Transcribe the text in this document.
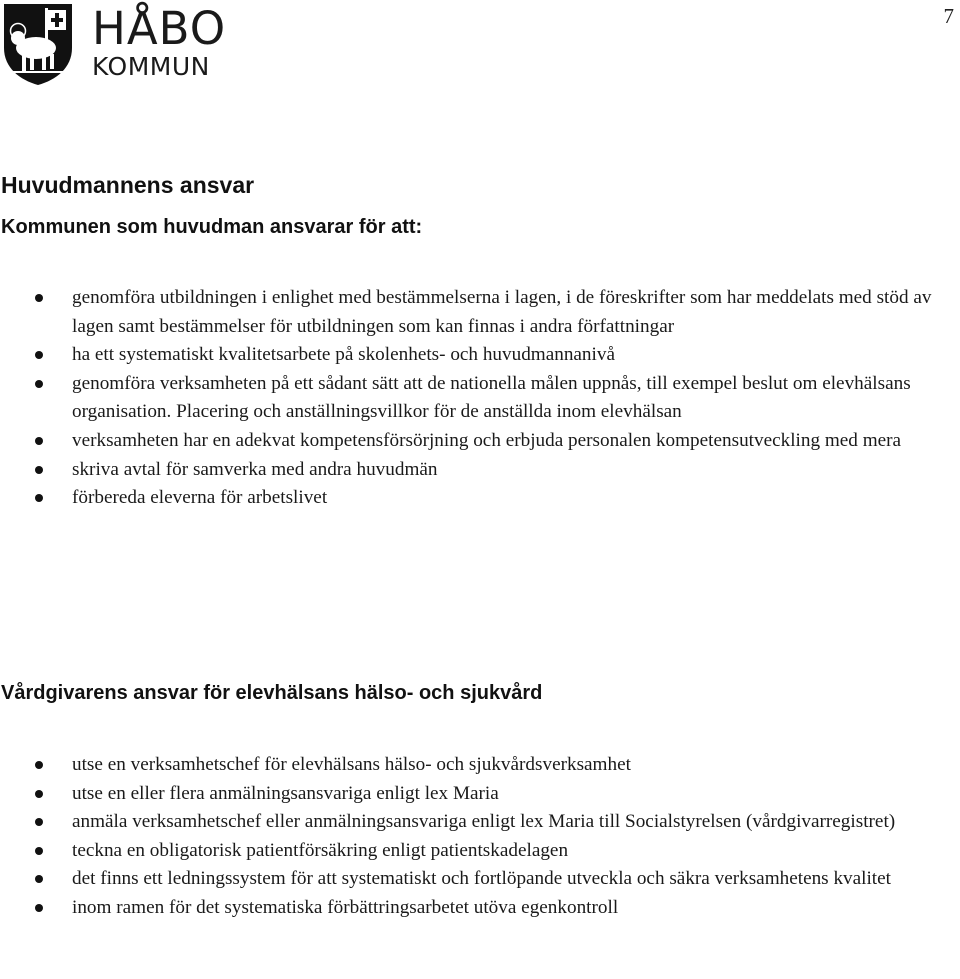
HÅBO
KOMMUN
7
Huvudmannens ansvar
Kommunen som huvudman ansvarar för att:
genomföra utbildningen i enlighet med bestämmelserna i lagen, i de föreskrifter som har meddelats med stöd av lagen samt bestämmelser för utbildningen som kan finnas i andra författningar
ha ett systematiskt kvalitetsarbete på skolenhets- och huvudmannanivå
genomföra verksamheten på ett sådant sätt att de nationella målen uppnås, till exempel beslut om elevhälsans organisation. Placering och anställningsvillkor för de anställda inom elevhälsan
verksamheten har en adekvat kompetensförsörjning och erbjuda personalen kompetensutveckling med mera
skriva avtal för samverka med andra huvudmän
förbereda eleverna för arbetslivet
Vårdgivarens ansvar för elevhälsans hälso- och sjukvård
utse en verksamhetschef för elevhälsans hälso- och sjukvårdsverksamhet
utse en eller flera anmälningsansvariga enligt lex Maria
anmäla verksamhetschef eller anmälningsansvariga enligt lex Maria till Socialstyrelsen (vårdgivarregistret)
teckna en obligatorisk patientförsäkring enligt patientskadelagen
det finns ett ledningssystem för att systematiskt och fortlöpande utveckla och säkra verksamhetens kvalitet
inom ramen för det systematiska förbättringsarbetet utöva egenkontroll
